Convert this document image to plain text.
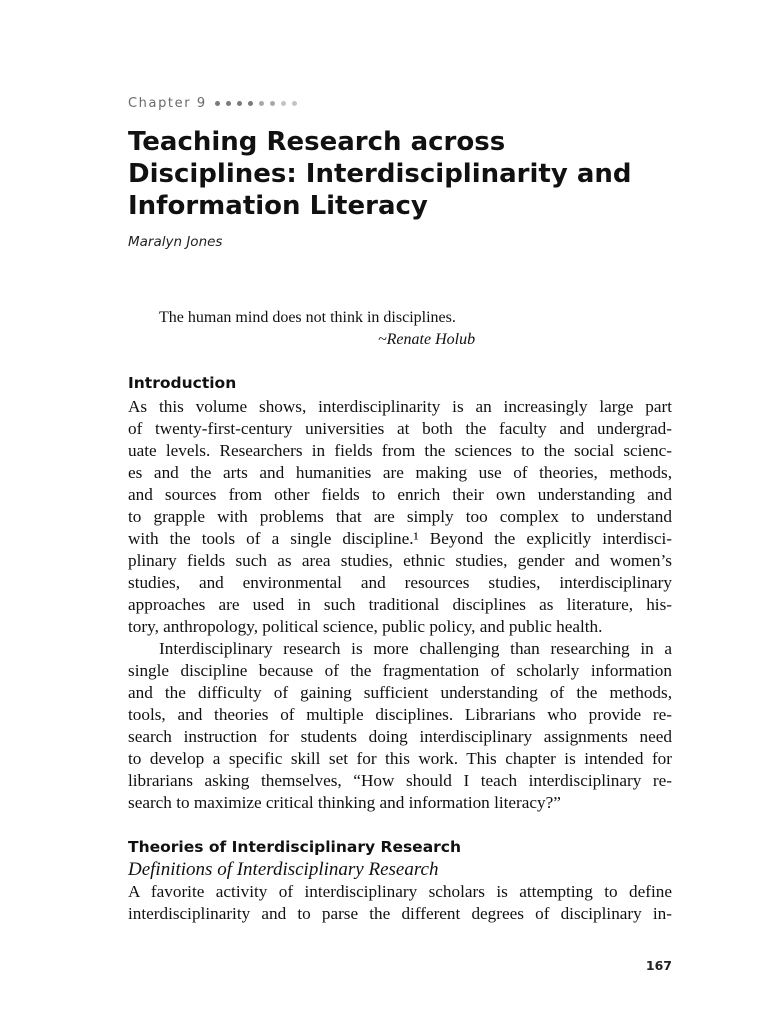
Chapter 9
Teaching Research across Disciplines: Interdisciplinarity and Information Literacy
Maralyn Jones
The human mind does not think in disciplines.
~Renate Holub
Introduction
As this volume shows, interdisciplinarity is an increasingly large part
of twenty-first-century universities at both the faculty and undergrad-
uate levels. Researchers in fields from the sciences to the social scienc-
es and the arts and humanities are making use of theories, methods,
and sources from other fields to enrich their own understanding and
to grapple with problems that are simply too complex to understand
with the tools of a single discipline.¹ Beyond the explicitly interdisci-
plinary fields such as area studies, ethnic studies, gender and women’s
studies, and environmental and resources studies, interdisciplinary
approaches are used in such traditional disciplines as literature, his-
tory, anthropology, political science, public policy, and public health.
Interdisciplinary research is more challenging than researching in a
single discipline because of the fragmentation of scholarly information
and the difficulty of gaining sufficient understanding of the methods,
tools, and theories of multiple disciplines. Librarians who provide re-
search instruction for students doing interdisciplinary assignments need
to develop a specific skill set for this work. This chapter is intended for
librarians asking themselves, “How should I teach interdisciplinary re-
search to maximize critical thinking and information literacy?”
Theories of Interdisciplinary Research
Definitions of Interdisciplinary Research
A favorite activity of interdisciplinary scholars is attempting to define
interdisciplinarity and to parse the different degrees of disciplinary in-
167
